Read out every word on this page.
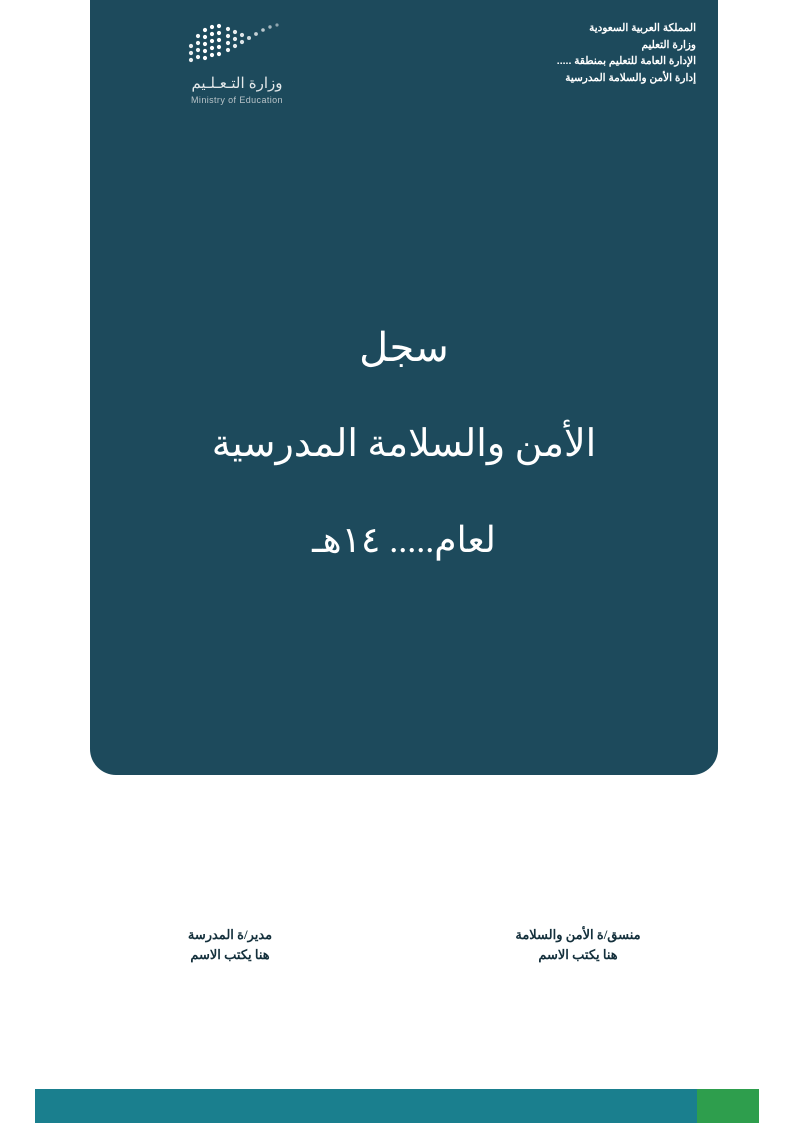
المملكة العربية السعودية
وزارة التعليم
الإدارة العامة للتعليم بمنطقة .....
إدارة الأمن والسلامة المدرسية
وزارة التـعـلـيم
Ministry of Education
سجل
الأمن والسلامة المدرسية
لعام..... ١٤هـ
منسق/ة الأمن والسلامة
هنا يكتب الاسم
مدير/ة المدرسة
هنا يكتب الاسم
